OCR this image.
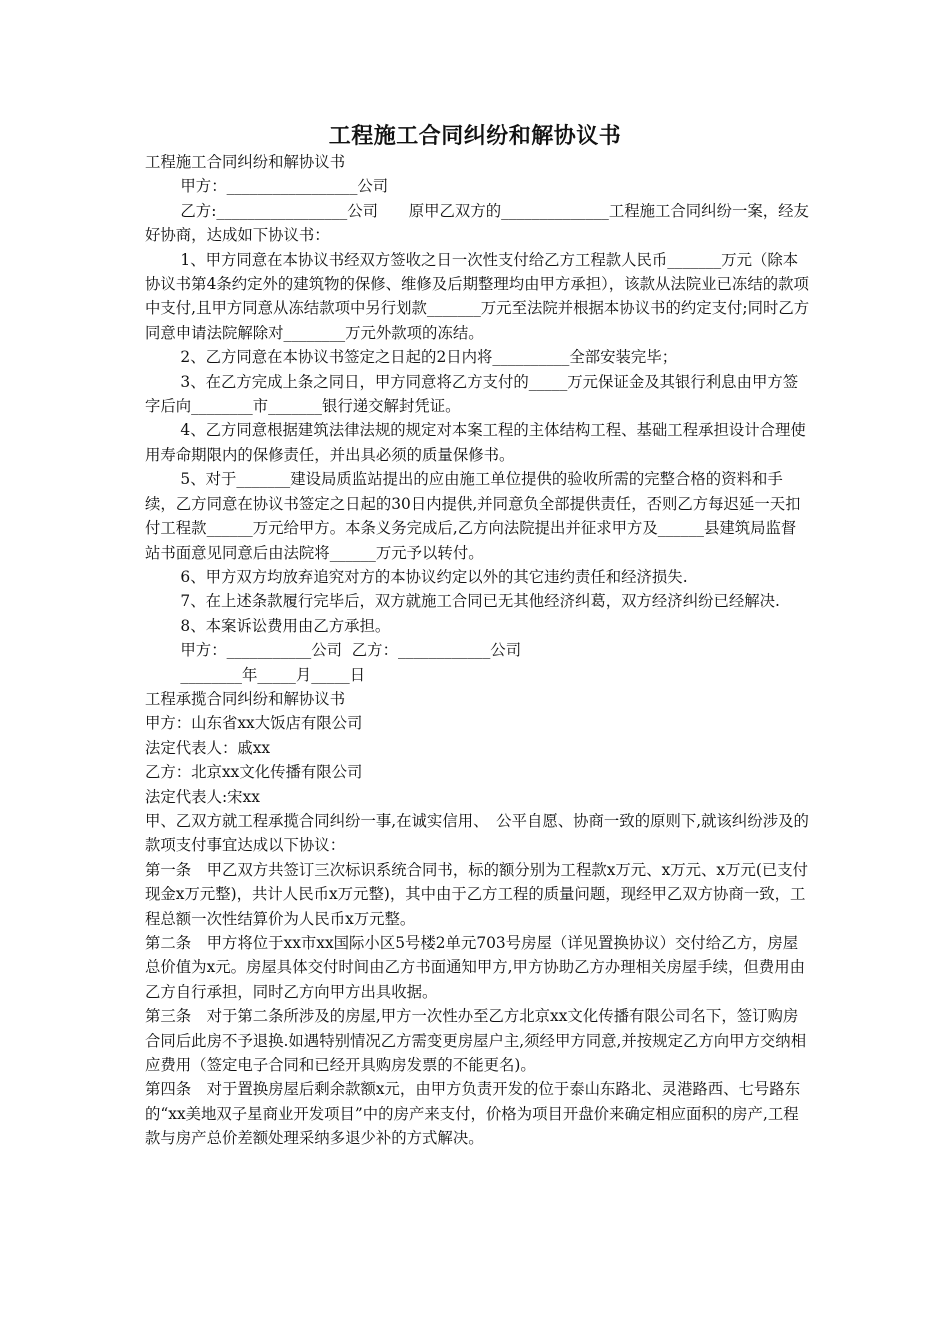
工程施工合同纠纷和解协议书

工程施工合同纠纷和解协议书

甲方：_________________公司

乙方:_________________公司　　原甲乙双方的______________工程施工合同纠纷一案，经友好协商，达成如下协议书：

1、甲方同意在本协议书经双方签收之日一次性支付给乙方工程款人民币_______万元（除本协议书第4条约定外的建筑物的保修、维修及后期整理均由甲方承担），该款从法院业已冻结的款项中支付,且甲方同意从冻结款项中另行划款_______万元至法院并根据本协议书的约定支付;同时乙方同意申请法院解除对________万元外款项的冻结。

2、乙方同意在本协议书签定之日起的2日内将__________全部安装完毕；

3、在乙方完成上条之同日，甲方同意将乙方支付的_____万元保证金及其银行利息由甲方签字后向________市_______银行递交解封凭证。

4、乙方同意根据建筑法律法规的规定对本案工程的主体结构工程、基础工程承担设计合理使用寿命期限内的保修责任，并出具必须的质量保修书。

5、对于_______建设局质监站提出的应由施工单位提供的验收所需的完整合格的资料和手续，乙方同意在协议书签定之日起的30日内提供,并同意负全部提供责任，否则乙方每迟延一天扣付工程款______万元给甲方。本条义务完成后,乙方向法院提出并征求甲方及______县建筑局监督站书面意见同意后由法院将______万元予以转付。

6、甲方双方均放弃追究对方的本协议约定以外的其它违约责任和经济损失.

7、在上述条款履行完毕后，双方就施工合同已无其他经济纠葛，双方经济纠纷已经解决.

8、本案诉讼费用由乙方承担。

甲方：___________公司  乙方：____________公司

________年_____月_____日

工程承揽合同纠纷和解协议书

甲方：山东省xx大饭店有限公司

法定代表人：戚xx

乙方：北京xx文化传播有限公司

法定代表人:宋xx

甲、乙双方就工程承揽合同纠纷一事,在诚实信用、　公平自愿、协商一致的原则下,就该纠纷涉及的款项支付事宜达成以下协议：

第一条　甲乙双方共签订三次标识系统合同书，标的额分别为工程款x万元、x万元、x万元(已支付现金x万元整)，共计人民币x万元整)，其中由于乙方工程的质量问题，现经甲乙双方协商一致，工程总额一次性结算价为人民币x万元整。

第二条　甲方将位于xx市xx国际小区5号楼2单元703号房屋（详见置换协议）交付给乙方，房屋总价值为x元。房屋具体交付时间由乙方书面通知甲方,甲方协助乙方办理相关房屋手续，但费用由乙方自行承担，同时乙方向甲方出具收据。

第三条　对于第二条所涉及的房屋,甲方一次性办至乙方北京xx文化传播有限公司名下，签订购房合同后此房不予退换.如遇特别情况乙方需变更房屋户主,须经甲方同意,并按规定乙方向甲方交纳相应费用（签定电子合同和已经开具购房发票的不能更名)。

第四条　对于置换房屋后剩余款额x元，由甲方负责开发的位于泰山东路北、灵港路西、七号路东的“xx美地双子星商业开发项目”中的房产来支付，价格为项目开盘价来确定相应面积的房产,工程款与房产总价差额处理采纳多退少补的方式解决。
